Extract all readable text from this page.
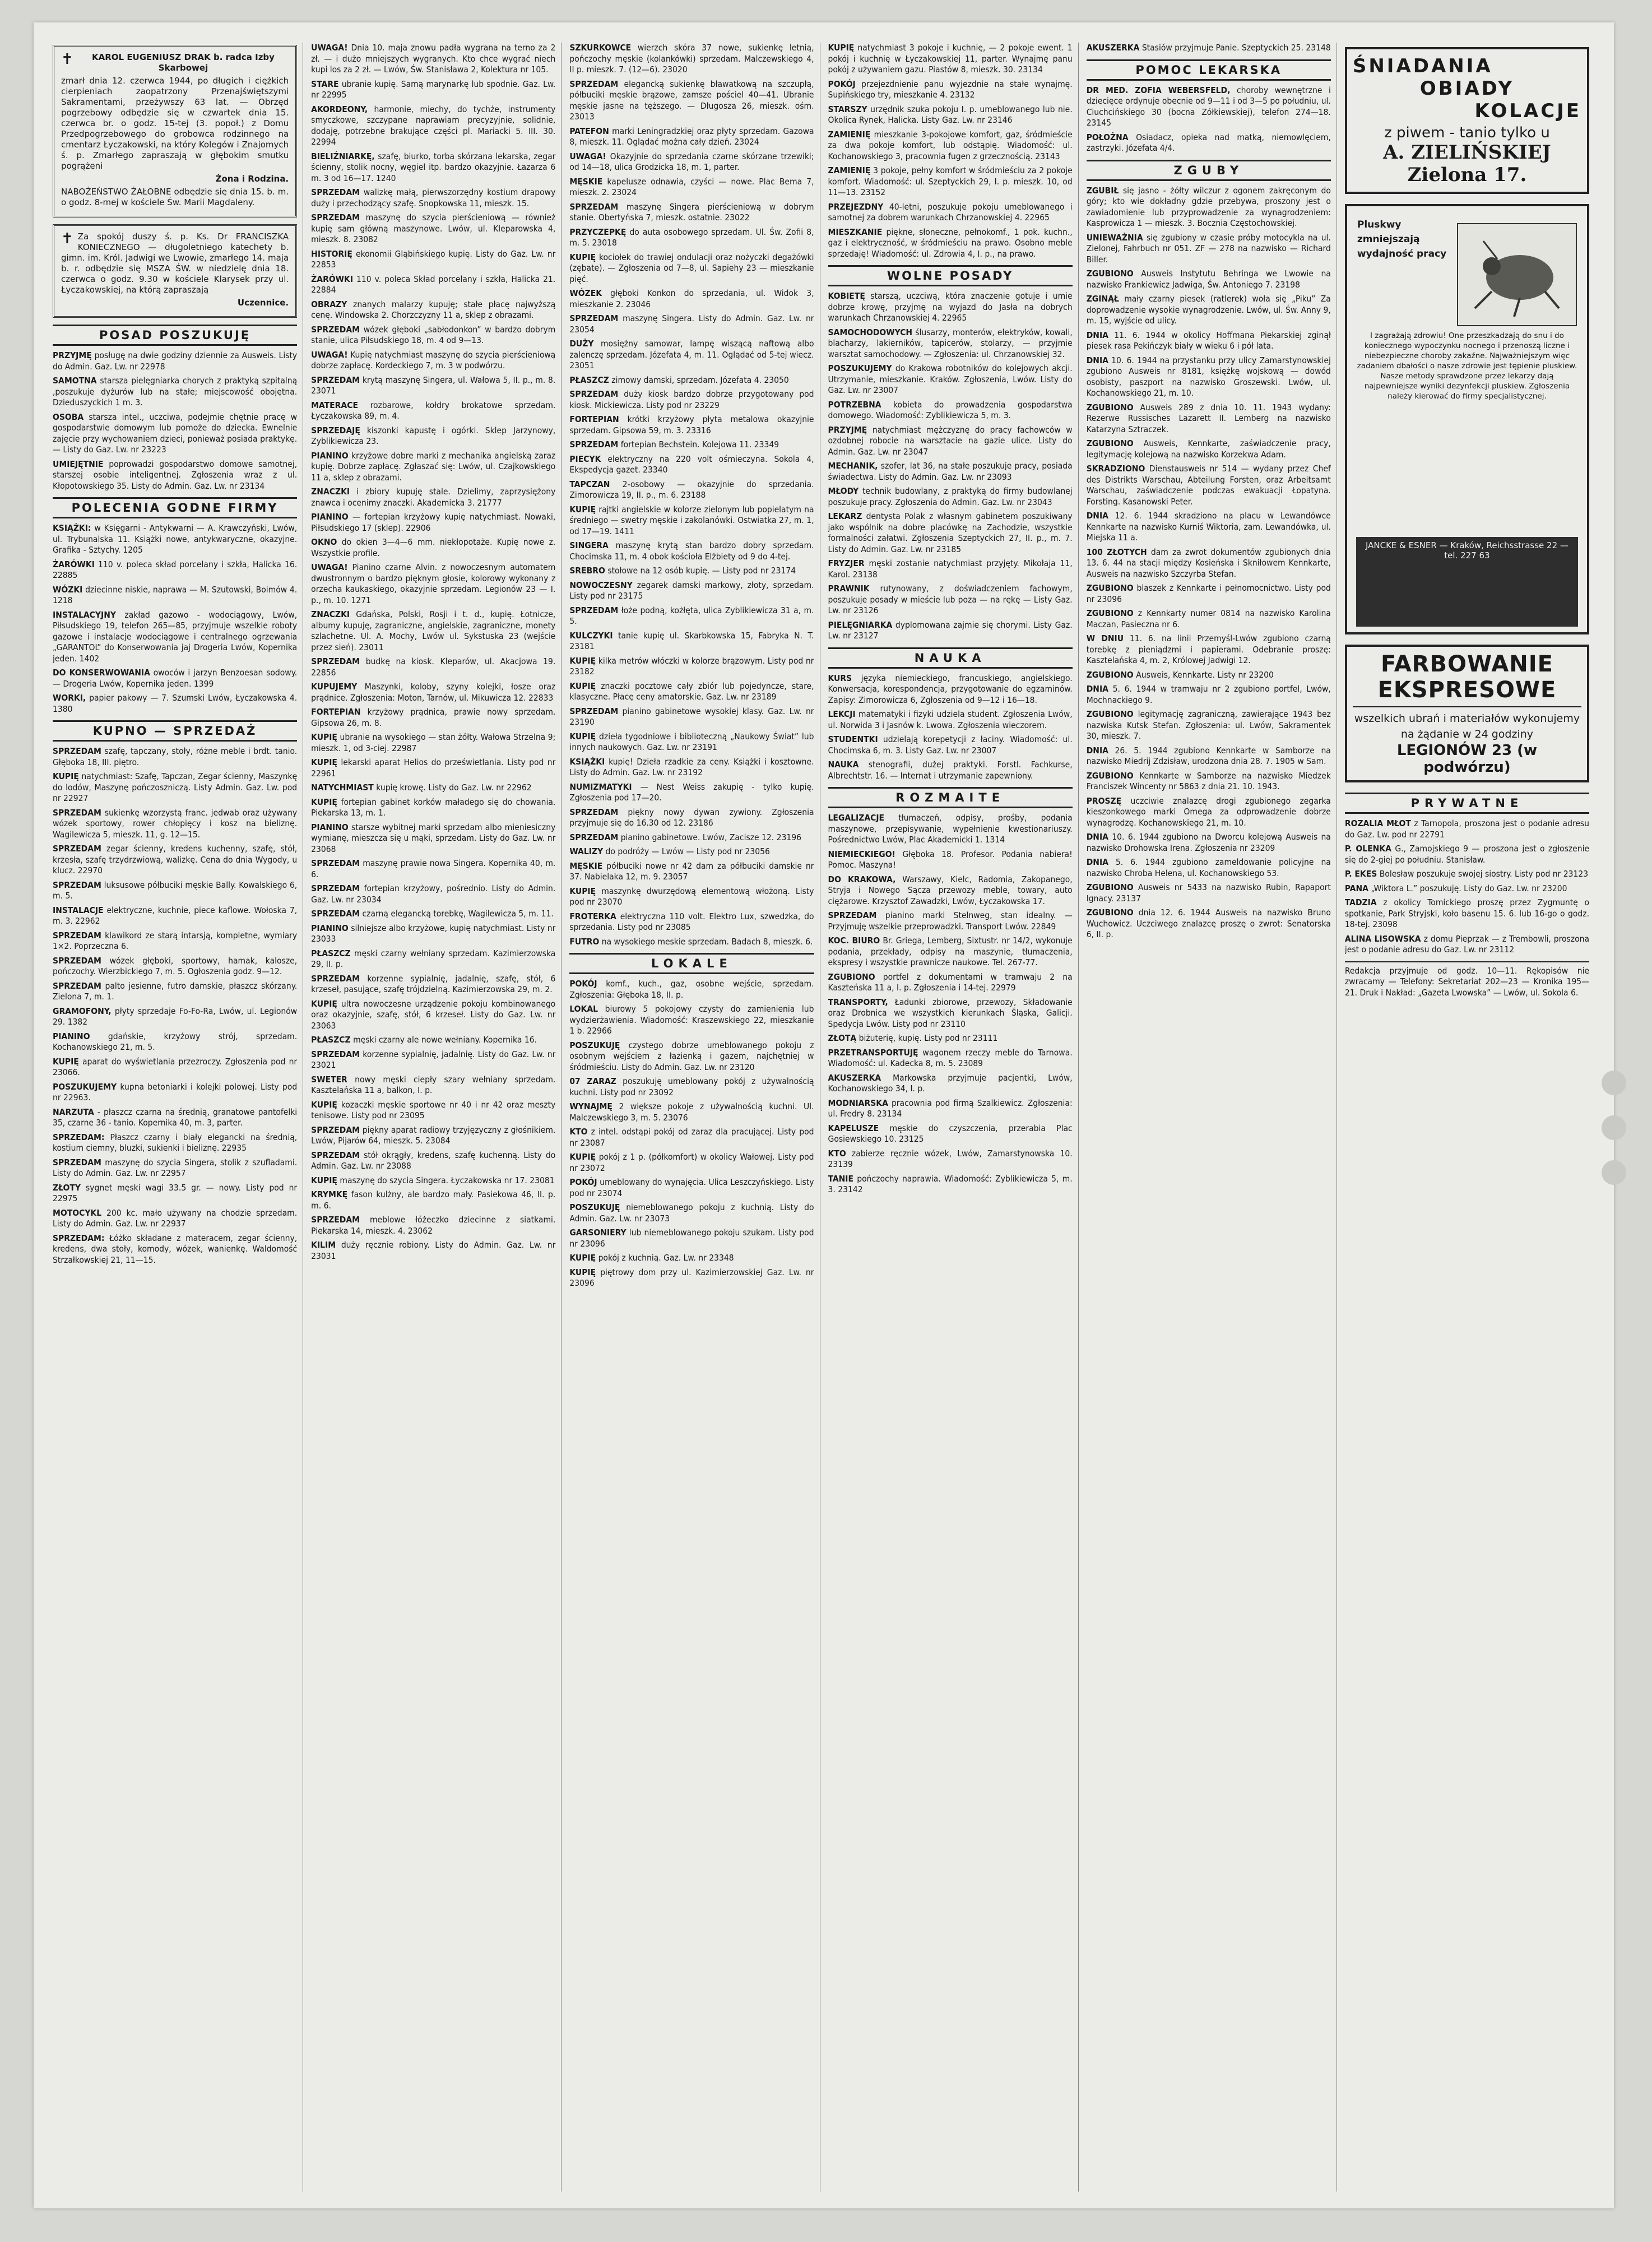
✝	KAROL EUGENIUSZ DRAK b. radca Izby Skarbowej

zmarł dnia 12. czerwca 1944, po długich i ciężkich cierpieniach zaopatrzony Przenajświętszymi Sakramentami, przeżywszy 63 lat. — Obrzęd pogrzebowy odbędzie się w czwartek dnia 15. czerwca br. o godz. 15-tej (3. popoł.) z Domu Przedpogrzebowego do grobowca rodzinnego na cmentarz Łyczakowski, na który Kolegów i Znajomych ś. p. Zmarłego zapraszają w głębokim smutku pogrążeni

Żona i Rodzina.

NABOŻEŃSTWO ŻAŁOBNE odbędzie się dnia 15. b. m. o godz. 8-mej w kościele Św. Marii Magdaleny.

✝ Za spokój duszy ś. p. Ks. Dr FRANCISZKA KONIECZNEGO — długoletniego katechety b. gimn. im. Król. Jadwigi we Lwowie, zmarłego 14. maja b. r. odbędzie się MSZA ŚW. w niedzielę dnia 18. czerwca o godz. 9.30 w kościele Klarysek przy ul. Łyczakowskiej, na którą zapraszają

Uczennice.

POSAD POSZUKUJĘ

PRZYJMĘ posługę na dwie godziny dziennie za Ausweis. Listy do Admin. Gaz. Lw. nr 22978

SAMOTNA starsza pielęgniarka chorych z praktyką szpitalną ,poszukuje dyżurów lub na stałe; miejscowość obojętna. Dzieduszyckich 1 m. 3.

OSOBA starsza intel., uczciwa, podejmie chętnie pracę w gospodarstwie domowym lub pomoże do dziecka. Ewnelnie zajęcie przy wychowaniem dzieci, ponieważ posiada praktykę. — Listy do Gaz. Lw. nr 23223

UMIEJĘTNIE poprowadzi gospodarstwo domowe samotnej, starszej osobie inteligentnej. Zgłoszenia wraz z ul. Kłopotowskiego 35. Listy do Admin. Gaz. Lw. nr 23134

POLECENIA GODNE FIRMY

KSIĄŻKI: w Księgarni - Antykwarni — A. Krawczyński, Lwów, ul. Trybunalska 11. Książki nowe, antykwaryczne, okazyjne. Grafika - Sztychy. 1205

ŻARÓWKI 110 v. poleca skład porcelany i szkła, Halicka 16. 22885

WÓZKI dziecinne niskie, naprawa — M. Szutowski, Boimów 4. 1218

INSTALACYJNY zakład gazowo - wodociągowy, Lwów, Piłsudskiego 19, telefon 265—85, przyjmuje wszelkie roboty gazowe i instalacje wodociągowe i centralnego ogrzewania „GARANTOL” do Konserwowania jaj Drogeria Lwów, Kopernika jeden. 1402

DO KONSERWOWANIA owoców i jarzyn Benzoesan sodowy. — Drogeria Lwów, Kopernika jeden. 1399

WORKI, papier pakowy — 7. Szumski Lwów, Łyczakowska 4. 1380

KUPNO — SPRZEDAŻ

SPRZEDAM szafę, tapczany, stoły, różne meble i brdt. tanio. Głęboka 18, III. piętro.

KUPIĘ natychmiast: Szafę, Tapczan, Zegar ścienny, Maszynkę do lodów, Maszynę pończoszniczą. Listy Admin. Gaz. Lw. pod nr 22927

SPRZEDAM sukienkę wzorzystą franc. jedwab oraz używany wózek sportowy, rower chłopięcy i kosz na bieliznę. Wagilewicza 5, mieszk. 11, g. 12—15.

SPRZEDAM zegar ścienny, kredens kuchenny, szafę, stół, krzesła, szafę trzydrzwiową, walizkę. Cena do dnia Wygody, u klucz. 22970

SPRZEDAM luksusowe półbuciki męskie Bally. Kowalskiego 6, m. 5.

INSTALACJE elektryczne, kuchnie, piece kaflowe. Wołoska 7, m. 3. 22962

SPRZEDAM klawikord ze starą intarsją, kompletne, wymiary 1×2. Poprzeczna 6.

SPRZEDAM wózek głęboki, sportowy, hamak, kalosze, pończochy. Wierzbickiego 7, m. 5. Ogłoszenia godz. 9—12.

SPRZEDAM palto jesienne, futro damskie, płaszcz skórzany. Zielona 7, m. 1.

GRAMOFONY, płyty sprzedaje Fo-Fo-Ra, Lwów, ul. Legionów 29. 1382

PIANINO gdańskie, krzyżowy strój, sprzedam. Kochanowskiego 21, m. 5.

KUPIĘ aparat do wyświetlania przezroczy. Zgłoszenia pod nr 23066.

POSZUKUJEMY kupna betoniarki i kolejki polowej. Listy pod nr 22963.

NARZUTA - płaszcz czarna na średnią, granatowe pantofelki 35, czarne 36 - tanio. Kopernika 40, m. 3, parter.

SPRZEDAM: Płaszcz czarny i biały elegancki na średnią, kostium ciemny, bluzki, sukienki i bieliznę. 22935

SPRZEDAM maszynę do szycia Singera, stolik z szufladami. Listy do Admin. Gaz. Lw. nr 22957

ZŁOTY sygnet męski wagi 33.5 gr. — nowy. Listy pod nr 22975

MOTOCYKL 200 kc. mało używany na chodzie sprzedam. Listy do Admin. Gaz. Lw. nr 22937

SPRZEDAM: Łóżko składane z materacem, zegar ścienny, kredens, dwa stoły, komody, wózek, wanienkę. Waldomość Strzałkowskiej 21, 11—15.

UWAGA! Dnia 10. maja znowu padła wygrana na terno za 2 zł. — i dużo mniejszych wygranych. Kto chce wygrać niech kupi los za 2 zł. — Lwów, Św. Stanisława 2, Kolektura nr 105.

STARE ubranie kupię. Samą marynarkę lub spodnie. Gaz. Lw. nr 22995

AKORDEONY, harmonie, miechy, do tychże, instrumenty smyczkowe, szczypane naprawiam precyzyjnie, solidnie, dodaję, potrzebne brakujące części pl. Mariacki 5. III. 30. 22994

BIELIŹNIARKĘ, szafę, biurko, torba skórzana lekarska, zegar ścienny, stolik nocny, węgiel itp. bardzo okazyjnie. Łazarza 6 m. 3 od 16—17. 1240

SPRZEDAM walizkę małą, pierwszorzędny kostium drapowy duży i przechodzący szafę. Snopkowska 11, mieszk. 15.

SPRZEDAM maszynę do szycia pierścieniową — również kupię sam główną maszynowe. Lwów, ul. Kleparowska 4, mieszk. 8. 23082

HISTORIĘ ekonomii Gląbińskiego kupię. Listy do Gaz. Lw. nr 22853

ŻARÓWKI 110 v. poleca Skład porcelany i szkła, Halicka 21. 22884

OBRAZY znanych malarzy kupuję; stałe płacę najwyższą cenę. Windowska 2. Chorzczyzny 11 a, sklep z obrazami.

SPRZEDAM wózek głęboki „sabłodonkon” w bardzo dobrym stanie, ulica Piłsudskiego 18, m. 4 od 9—13.

UWAGA! Kupię natychmiast maszynę do szycia pierścieniową dobrze zapłacę. Kordeckiego 7, m. 3 w podwórzu.

SPRZEDAM krytą maszynę Singera, ul. Wałowa 5, II. p., m. 8. 23071

MATERACE rozbarowe, kołdry brokatowe sprzedam. Łyczakowska 89, m. 4.

SPRZEDAJĘ kiszonki kapustę i ogórki. Sklep Jarzynowy, Zyblikiewicza 23.

PIANINO krzyżowe dobre marki z mechanika angielską zaraz kupię. Dobrze zapłacę. Zgłaszać się: Lwów, ul. Czajkowskiego 11 a, sklep z obrazami.

ZNACZKI i zbiory kupuję stale. Dzielimy, zaprzysiężony znawca i ocenimy znaczki. Akademicka 3. 21777

PIANINO — fortepian krzyżowy kupię natychmiast. Nowaki, Piłsudskiego 17 (sklep). 22906

OKNO do okien 3—4—6 mm. niekłopotaże. Kupię nowe z. Wszystkie profile.

UWAGA! Pianino czarne Alvin. z nowoczesnym automatem dwustronnym o bardzo pięknym głosie, kolorowy wykonany z orzecha kaukaskiego, okazyjnie sprzedam. Legionów 23 — I. p., m. 10. 1271

ZNACZKI Gdańska, Polski, Rosji i t. d., kupię. Łotnicze, albumy kupuję, zagraniczne, angielskie, zagraniczne, monety szlachetne. Ul. A. Mochy, Lwów ul. Sykstuska 23 (wejście przez sień). 23011

SPRZEDAM budkę na kiosk. Kleparów, ul. Akacjowa 19. 22856

KUPUJEMY Maszynki, koloby, szyny kolejki, łosze oraz prądnice. Zgłoszenia: Moton, Tarnów, ul. Mikuwicza 12. 22833

FORTEPIAN krzyżowy prądnica, prawie nowy sprzedam. Gipsowa 26, m. 8.

KUPIĘ ubranie na wysokiego — stan żółty. Wałowa Strzelna 9; mieszk. 1, od 3-ciej. 22987

KUPIĘ lekarski aparat Helios do prześwietlania. Listy pod nr 22961

NATYCHMIAST kupię krowę. Listy do Gaz. Lw. nr 22962

KUPIĘ fortepian gabinet korków maładego się do chowania. Piekarska 13, m. 1.

PIANINO starsze wybitnej marki sprzedam albo mieniesiczny wymianę, mieszcza się u mąki, sprzedam. Listy do Gaz. Lw. nr 23068

SPRZEDAM maszynę prawie nowa Singera. Kopernika 40, m. 6.

SPRZEDAM fortepian krzyżowy, pośrednio. Listy do Admin. Gaz. Lw. nr 23034

SPRZEDAM czarną elegancką torebkę, Wagilewicza 5, m. 11.

PIANINO silniejsze albo krzyżowe, kupię natychmiast. Listy nr 23033

PŁASZCZ męski czarny wełniany sprzedam. Kazimierzowska 29, II. p.

SPRZEDAM korzenne sypialnię, jadalnię, szafę, stół, 6 krzeseł, pasujące, szafę trójdzielną. Kazimierzowska 29, m. 2.

KUPIĘ ultra nowoczesne urządzenie pokoju kombinowanego oraz okazyjnie, szafę, stół, 6 krzeseł. Listy do Gaz. Lw. nr 23063

PŁASZCZ męski czarny ale nowe wełniany. Kopernika 16.

SPRZEDAM korzenne sypialnię, jadalnię. Listy do Gaz. Lw. nr 23021

SWETER nowy męski ciepły szary wełniany sprzedam. Kasztelańska 11 a, balkon, I. p.

KUPIĘ kozaczki męskie sportowe nr 40 i nr 42 oraz meszty tenisowe. Listy pod nr 23095

SPRZEDAM piękny aparat radiowy trzyjęzyczny z głośnikiem. Lwów, Pijarów 64, mieszk. 5. 23084

SPRZEDAM stół okrągły, kredens, szafę kuchenną. Listy do Admin. Gaz. Lw. nr 23088

KUPIĘ maszynę do szycia Singera. Łyczakowska nr 17. 23081

KRYMKĘ fason kulżny, ale bardzo mały. Pasiekowa 46, II. p. m. 6.

SPRZEDAM meblowe łóżeczko dziecinne z siatkami. Piekarska 14, mieszk. 4. 23062

KILIM duży ręcznie robiony. Listy do Admin. Gaz. Lw. nr 23031

SZKURKOWCE wierzch skóra 37 nowe, sukienkę letnią, pończochy męskie (kolankówki) sprzedam. Malczewskiego 4, II p. mieszk. 7. (12—6). 23020

SPRZEDAM elegancką sukienkę bławatkową na szczupłą, półbuciki męskie brązowe, zamsze pościel 40—41. Ubranie męskie jasne na tęższego. — Długosza 26, mieszk. ośm. 23013

PATEFON marki Leningradzkiej oraz płyty sprzedam. Gazowa 8, mieszk. 11. Oglądać można cały dzień. 23024

UWAGA! Okazyjnie do sprzedania czarne skórzane trzewiki; od 14—18, ulica Grodzicka 18, m. 1, parter.

MĘSKIE kapelusze odnawia, czyści — nowe. Plac Bema 7, mieszk. 2. 23024

SPRZEDAM maszynę Singera pierścieniową w dobrym stanie. Obertyńska 7, mieszk. ostatnie. 23022

PRZYCZEPKĘ do auta osobowego sprzedam. Ul. Św. Zofii 8, m. 5. 23018

KUPIĘ kociołek do trawiej ondulacji oraz nożyczki degażówki (zębate). — Zgłoszenia od 7—8, ul. Sapiehy 23 — mieszkanie pięć.

WÓZEK głęboki Konkon do sprzedania, ul. Widok 3, mieszkanie 2. 23046

SPRZEDAM maszynę Singera. Listy do Admin. Gaz. Lw. nr 23054

DUŻY mosiężny samowar, lampę wiszącą naftową albo zalenczę sprzedam. Józefata 4, m. 11. Oglądać od 5-tej wiecz. 23051

PŁASZCZ zimowy damski, sprzedam. Józefata 4. 23050

SPRZEDAM duży kiosk bardzo dobrze przygotowany pod kiosk. Mickiewicza. Listy pod nr 23229

FORTEPIAN krótki krzyżowy płyta metalowa okazyjnie sprzedam. Gipsowa 59, m. 3. 23316

SPRZEDAM fortepian Bechstein. Kolejowa 11. 23349

PIECYK elektryczny na 220 volt ośmieczyna. Sokola 4, Ekspedycja gazet. 23340

TAPCZAN 2-osobowy — okazyjnie do sprzedania. Zimorowicza 19, II. p., m. 6. 23188

KUPIĘ rajtki angielskie w kolorze zielonym lub popielatym na średniego — swetry męskie i zakolanówki. Ostwiatka 27, m. 1, od 17—19. 1411

SINGERA maszynę krytą stan bardzo dobry sprzedam. Chocimska 11, m. 4 obok kościoła Elżbiety od 9 do 4-tej.

SREBRO stołowe na 12 osób kupię. — Listy pod nr 23174

NOWOCZESNY zegarek damski markowy, złoty, sprzedam. Listy pod nr 23175

SPRZEDAM łoże podną, kożłęta, ulica Zyblikiewicza 31 a, m. 5.

KULCZYKI tanie kupię ul. Skarbkowska 15, Fabryka N. T. 23181

KUPIĘ kilka metrów włóczki w kolorze brązowym. Listy pod nr 23182

KUPIĘ znaczki pocztowe cały zbiór lub pojedyncze, stare, klasyczne. Płacę ceny amatorskie. Gaz. Lw. nr 23189

SPRZEDAM pianino gabinetowe wysokiej klasy. Gaz. Lw. nr 23190

KUPIĘ dzieła tygodniowe i biblioteczną „Naukowy Świat” lub innych naukowych. Gaz. Lw. nr 23191

KSIĄŻKI kupię! Dzieła rzadkie za ceny. Książki i kosztowne. Listy do Admin. Gaz. Lw. nr 23192

NUMIZMATYKI — Nest Weiss zakupię - tylko kupię. Zgłoszenia pod 17—20.

SPRZEDAM piękny nowy dywan zywiony. Zgłoszenia przyjmuje się do 16.30 od 12. 23186

SPRZEDAM pianino gabinetowe. Lwów, Zacisze 12. 23196

WALIZY do podróży — Lwów — Listy pod nr 23056

MĘSKIE półbuciki nowe nr 42 dam za półbuciki damskie nr 37. Nabielaka 12, m. 9. 23057

KUPIĘ maszynkę dwurzędową elementową włożoną. Listy pod nr 23070

FROTERKA elektryczna 110 volt. Elektro Lux, szwedzka, do sprzedania. Listy pod nr 23085

FUTRO na wysokiego meskie sprzedam. Badach 8, mieszk. 6.

LOKALE

POKÓJ komf., kuch., gaz, osobne wejście, sprzedam. Zgłoszenia: Głęboka 18, II. p.

LOKAL biurowy 5 pokojowy czysty do zamienienia lub wydzierżawienia. Wiadomość: Kraszewskiego 22, mieszkanie 1 b. 22966

POSZUKUJĘ czystego dobrze umeblowanego pokoju z osobnym wejściem z łazienką i gazem, najchętniej w śródmieściu. Listy do Admin. Gaz. Lw. nr 23120

07 ZARAZ poszukuję umeblowany pokój z używalnością kuchni. Listy pod nr 23092

WYNAJMĘ 2 większe pokoje z używalnością kuchni. Ul. Malczewskiego 3, m. 5. 23076

KTO z intel. odstąpi pokój od zaraz dla pracującej. Listy pod nr 23087

KUPIĘ pokój z 1 p. (półkomfort) w okolicy Wałowej. Listy pod nr 23072

POKÓJ umeblowany do wynajęcia. Ulica Leszczyńskiego. Listy pod nr 23074

POSZUKUJĘ niemeblowanego pokoju z kuchnią. Listy do Admin. Gaz. Lw. nr 23073

GARSONIERY lub niemeblowanego pokoju szukam. Listy pod nr 23096

KUPIĘ pokój z kuchnią. Gaz. Lw. nr 23348

KUPIĘ piętrowy dom przy ul. Kazimierzowskiej Gaz. Lw. nr 23096

KUPIĘ natychmiast 3 pokoje i kuchnię, — 2 pokoje ewent. 1 pokój i kuchnię w Łyczakowskiej 11, parter. Wynajmę panu pokój z używaniem gazu. Piastów 8, mieszk. 30. 23134

POKÓJ przejezdnienie panu wyjezdnie na stałe wynajmę. Supińskiego try, mieszkanie 4. 23132

STARSZY urzędnik szuka pokoju I. p. umeblowanego lub nie. Okolica Rynek, Halicka. Listy Gaz. Lw. nr 23146

ZAMIENIĘ mieszkanie 3-pokojowe komfort, gaz, śródmieście za dwa pokoje komfort, lub odstąpię. Wiadomość: ul. Kochanowskiego 3, pracownia fugen z grzecznością. 23143

ZAMIENIĘ 3 pokoje, pełny komfort w śródmieściu za 2 pokoje komfort. Wiadomość: ul. Szeptyckich 29, I. p. mieszk. 10, od 11—13. 23152

PRZEJEZDNY 40-letni, poszukuje pokoju umeblowanego i samotnej za dobrem warunkach Chrzanowskiej 4. 22965

MIESZKANIE piękne, słoneczne, pełnokomf., 1 pok. kuchn., gaz i elektryczność, w śródmieściu na prawo. Osobno meble sprzedaję! Wiadomość: ul. Zdrowia 4, I. p., na prawo.

WOLNE POSADY

KOBIETĘ starszą, uczciwą, która znaczenie gotuje i umie dobrze krowę, przyjmę na wyjazd do Jasła na dobrych warunkach Chrzanowskiej 4. 22965

SAMOCHODOWYCH ślusarzy, monterów, elektryków, kowali, blacharzy, lakierników, tapicerów, stolarzy, — przyjmie warsztat samochodowy. — Zgłoszenia: ul. Chrzanowskiej 32.

POSZUKUJEMY do Krakowa robotników do kolejowych akcji. Utrzymanie, mieszkanie. Kraków. Zgłoszenia, Lwów. Listy do Gaz. Lw. nr 23007

POTRZEBNA kobieta do prowadzenia gospodarstwa domowego. Wiadomość: Zyblikiewicza 5, m. 3.

PRZYJMĘ natychmiast mężczyznę do pracy fachowców w ozdobnej robocie na warsztacie na gazie ulice. Listy do Admin. Gaz. Lw. nr 23047

MECHANIK, szofer, lat 36, na stałe poszukuje pracy, posiada świadectwa. Listy do Admin. Gaz. Lw. nr 23093

MŁODY technik budowlany, z praktyką do firmy budowlanej poszukuje pracy. Zgłoszenia do Admin. Gaz. Lw. nr 23043

LEKARZ dentysta Polak z własnym gabinetem poszukiwany jako wspólnik na dobre placówkę na Zachodzie, wszystkie formalności załatwi. Zgłoszenia Szeptyckich 27, II. p., m. 7. Listy do Admin. Gaz. Lw. nr 23185

FRYZJER męski zostanie natychmiast przyjęty. Mikołaja 11, Karol. 23138

PRAWNIK rutynowany, z doświadczeniem fachowym, poszukuje posady w mieście lub poza — na rękę — Listy Gaz. Lw. nr 23126

PIELĘGNIARKA dyplomowana zajmie się chorymi. Listy Gaz. Lw. nr 23127

NAUKA

KURS języka niemieckiego, francuskiego, angielskiego. Konwersacja, korespondencja, przygotowanie do egzaminów. Zapisy: Zimorowicza 6, Zgłoszenia od 9—12 i 16—18.

LEKCJI matematyki i fizyki udziela student. Zgłoszenia Lwów, ul. Norwida 3 i Jasnów k. Lwowa. Zgłoszenia wieczorem.

STUDENTKI udzielają korepetycji z łaciny. Wiadomość: ul. Chocimska 6, m. 3. Listy Gaz. Lw. nr 23007

NAUKA stenografii, dużej praktyki. Forstl. Fachkurse, Albrechtstr. 16. — Internat i utrzymanie zapewniony.

ROZMAITE

LEGALIZACJE tłumaczeń, odpisy, prośby, podania maszynowe, przepisywanie, wypełnienie kwestionariuszy. Pośrednictwo Lwów, Plac Akademicki 1. 1314

NIEMIECKIEGO! Głęboka 18. Profesor. Podania nabiera! Pomoc. Maszyna!

DO KRAKOWA, Warszawy, Kielc, Radomia, Zakopanego, Stryja i Nowego Sącza przewozy meble, towary, auto ciężarowe. Krzysztof Zawadzki, Lwów, Łyczakowska 17.

SPRZEDAM pianino marki Stelnweg, stan idealny. — Przyjmuję wszelkie przeprowadzki. Transport Lwów. 22849

KOC. BIURO Br. Griega, Lemberg, Sixtustr. nr 14/2, wykonuje podania, przekłady, odpisy na maszynie, tłumaczenia, ekspresy i wszystkie prawnicze naukowe. Tel. 267-77.

ZGUBIONO portfel z dokumentami w tramwaju 2 na Kaszteńska 11 a, I. p. Zgłoszenia i 14-tej. 22979

TRANSPORTY, Ładunki zbiorowe, przewozy, Składowanie oraz Drobnica we wszystkich kierunkach Śląska, Galicji. Spedycja Lwów. Listy pod nr 23110

ZŁOTĄ biżuterię, kupię. Listy pod nr 23111

PRZETRANSPORTUJĘ wagonem rzeczy meble do Tarnowa. Wiadomość: ul. Kadecka 8, m. 5. 23089

AKUSZERKA Markowska przyjmuje pacjentki, Lwów, Kochanowskiego 34, I. p.

MODNIARSKA pracownia pod firmą Szalkiewicz. Zgłoszenia: ul. Fredry 8. 23134

KAPELUSZE męskie do czyszczenia, przerabia Plac Gosiewskiego 10. 23125

KTO zabierze ręcznie wózek, Lwów, Zamarstynowska 10. 23139

TANIE pończochy naprawia. Wiadomość: Zyblikiewicza 5, m. 3. 23142

AKUSZERKA Stasiów przyjmuje Panie. Szeptyckich 25. 23148

POMOC LEKARSKA

DR MED. ZOFIA WEBERSFELD, choroby wewnętrzne i dziecięce ordynuje obecnie od 9—11 i od 3—5 po południu, ul. Ciuchcińskiego 30 (bocna Zółkiewskiej), telefon 274—18. 23145

POŁOŻNA Osiadacz, opieka nad matką, niemowlęciem, zastrzyki. Józefata 4/4.

ZGUBY

ZGUBIŁ się jasno - żółty wilczur z ogonem zakręconym do góry; kto wie dokładny gdzie przebywa, proszony jest o zawiadomienie lub przyprowadzenie za wynagrodzeniem: Kasprowicza 1 — mieszk. 3. Bocznia Częstochowskiej.

UNIEWAŻNIA się zgubiony w czasie próby motocykla na ul. Zielonej, Fahrbuch nr 051. ZF — 278 na nazwisko — Richard Biller.

ZGUBIONO Ausweis Instytutu Behringa we Lwowie na nazwisko Frankiewicz Jadwiga, Św. Antoniego 7. 23198

ZGINĄŁ mały czarny piesek (ratlerek) woła się „Piku” Za doprowadzenie wysokie wynagrodzenie. Lwów, ul. Św. Anny 9, m. 15, wyjście od ulicy.

DNIA 11. 6. 1944 w okolicy Hoffmana Piekarskiej zginął piesek rasa Pekińczyk biały w wieku 6 i pół lata.

DNIA 10. 6. 1944 na przystanku przy ulicy Zamarstynowskiej zgubiono Ausweis nr 8181, księżkę wojskową — dowód osobisty, paszport na nazwisko Groszewski. Lwów, ul. Kochanowskiego 21, m. 10.

ZGUBIONO Ausweis 289 z dnia 10. 11. 1943 wydany: Rezerwe Russisches Lazarett II. Lemberg na nazwisko Katarzyna Sztraczek.

ZGUBIONO Ausweis, Kennkarte, zaświadczenie pracy, legitymację kolejową na nazwisko Korzekwa Adam.

SKRADZIONO Dienstausweis nr 514 — wydany przez Chef des Distrikts Warschau, Abteilung Forsten, oraz Arbeitsamt Warschau, zaświadczenie podczas ewakuacji Łopatyna. Forsting. Kasanowski Peter.

DNIA 12. 6. 1944 skradziono na placu w Lewandówce Kennkarte na nazwisko Kurniś Wiktoria, zam. Lewandówka, ul. Miejska 11 a.

100 ZŁOTYCH dam za zwrot dokumentów zgubionych dnia 13. 6. 44 na stacji między Kosieńska i Skniłowem Kennkarte, Ausweis na nazwisko Szczyrba Stefan.

ZGUBIONO blaszek z Kennkarte i pełnomocnictwo. Listy pod nr 23096

ZGUBIONO z Kennkarty numer 0814 na nazwisko Karolina Maczan, Pasieczna nr 6.

W DNIU 11. 6. na linii Przemyśl-Lwów zgubiono czarną torebkę z pieniądzmi i papierami. Odebranie proszę: Kasztelańska 4, m. 2, Królowej Jadwigi 12.

ZGUBIONO Ausweis, Kennkarte. Listy nr 23200

DNIA 5. 6. 1944 w tramwaju nr 2 zgubiono portfel, Lwów, Mochnackiego 9.

ZGUBIONO legitymację zagraniczną, zawierające 1943 bez nazwiska Kutsk Stefan. Zgłoszenia: ul. Lwów, Sakramentek 30, mieszk. 7.

DNIA 26. 5. 1944 zgubiono Kennkarte w Samborze na nazwisko Miedrij Zdzisław, urodzona dnia 28. 7. 1905 w Sam.

ZGUBIONO Kennkarte w Samborze na nazwisko Miedzek Franciszek Wincenty nr 5863 z dnia 21. 10. 1943.

PROSZĘ uczciwie znalazcę drogi zgubionego zegarka kieszonkowego marki Omega za odprowadzenie dobrze wynagrodzę. Kochanowskiego 21, m. 10.

DNIA 10. 6. 1944 zgubiono na Dworcu kolejową Ausweis na nazwisko Drohowska Irena. Zgłoszenia nr 23209

DNIA 5. 6. 1944 zgubiono zameldowanie policyjne na nazwisko Chroba Helena, ul. Kochanowskiego 53.

ZGUBIONO Ausweis nr 5433 na nazwisko Rubin, Rapaport Ignacy. 23137

ZGUBIONO dnia 12. 6. 1944 Ausweis na nazwisko Bruno Wuchowicz. Uczciwego znalazcę proszę o zwrot: Senatorska 6, II. p.

ŚNIADANIA
OBIADY
KOLACJE
z piwem - tanio tylko u
A. ZIELIŃSKIEJ
Zielona 17.
Pluskwy zmniejszają wydajność pracy
I zagrażają zdrowiu! One przeszkadzają do snu i do koniecznego wypoczynku nocnego i przenoszą liczne i niebezpieczne choroby zakaźne. Najważniejszym więc zadaniem dbałości o nasze zdrowie jest tępienie pluskiew. Nasze metody sprawdzone przez lekarzy dają najpewniejsze wyniki dezynfekcji pluskiew. Zgłoszenia należy kierować do firmy specjalistycznej.
JANCKE & ESNER — Kraków, Reichsstrasse 22 — tel. 227 63
FARBOWANIE EKSPRESOWE
wszelkich ubrań i materiałów wykonujemy na żądanie w 24 godziny
LEGIONÓW 23 (w podwórzu)
PRYWATNE

ROZALIA MŁOT z Tarnopola, proszona jest o podanie adresu do Gaz. Lw. pod nr 22791

P. OLENKA G., Zamojskiego 9 — proszona jest o zgłoszenie się do 2-giej po południu. Stanisław.

P. EKES Bolesław poszukuje swojej siostry. Listy pod nr 23123

PANA „Wiktora L.” poszukuję. Listy do Gaz. Lw. nr 23200

TADZIA z okolicy Tomickiego proszę przez Zygmuntę o spotkanie, Park Stryjski, koło basenu 15. 6. lub 16-go o godz. 18-tej. 23098

ALINA LISOWSKA z domu Pieprzak — z Trembowli, proszona jest o podanie adresu do Gaz. Lw. nr 23112

Redakcja przyjmuje od godz. 10—11. Rękopisów nie zwracamy — Telefony: Sekretariat 202—23 — Kronika 195—21. Druk i Nakład: „Gazeta Lwowska” — Lwów, ul. Sokola 6.
